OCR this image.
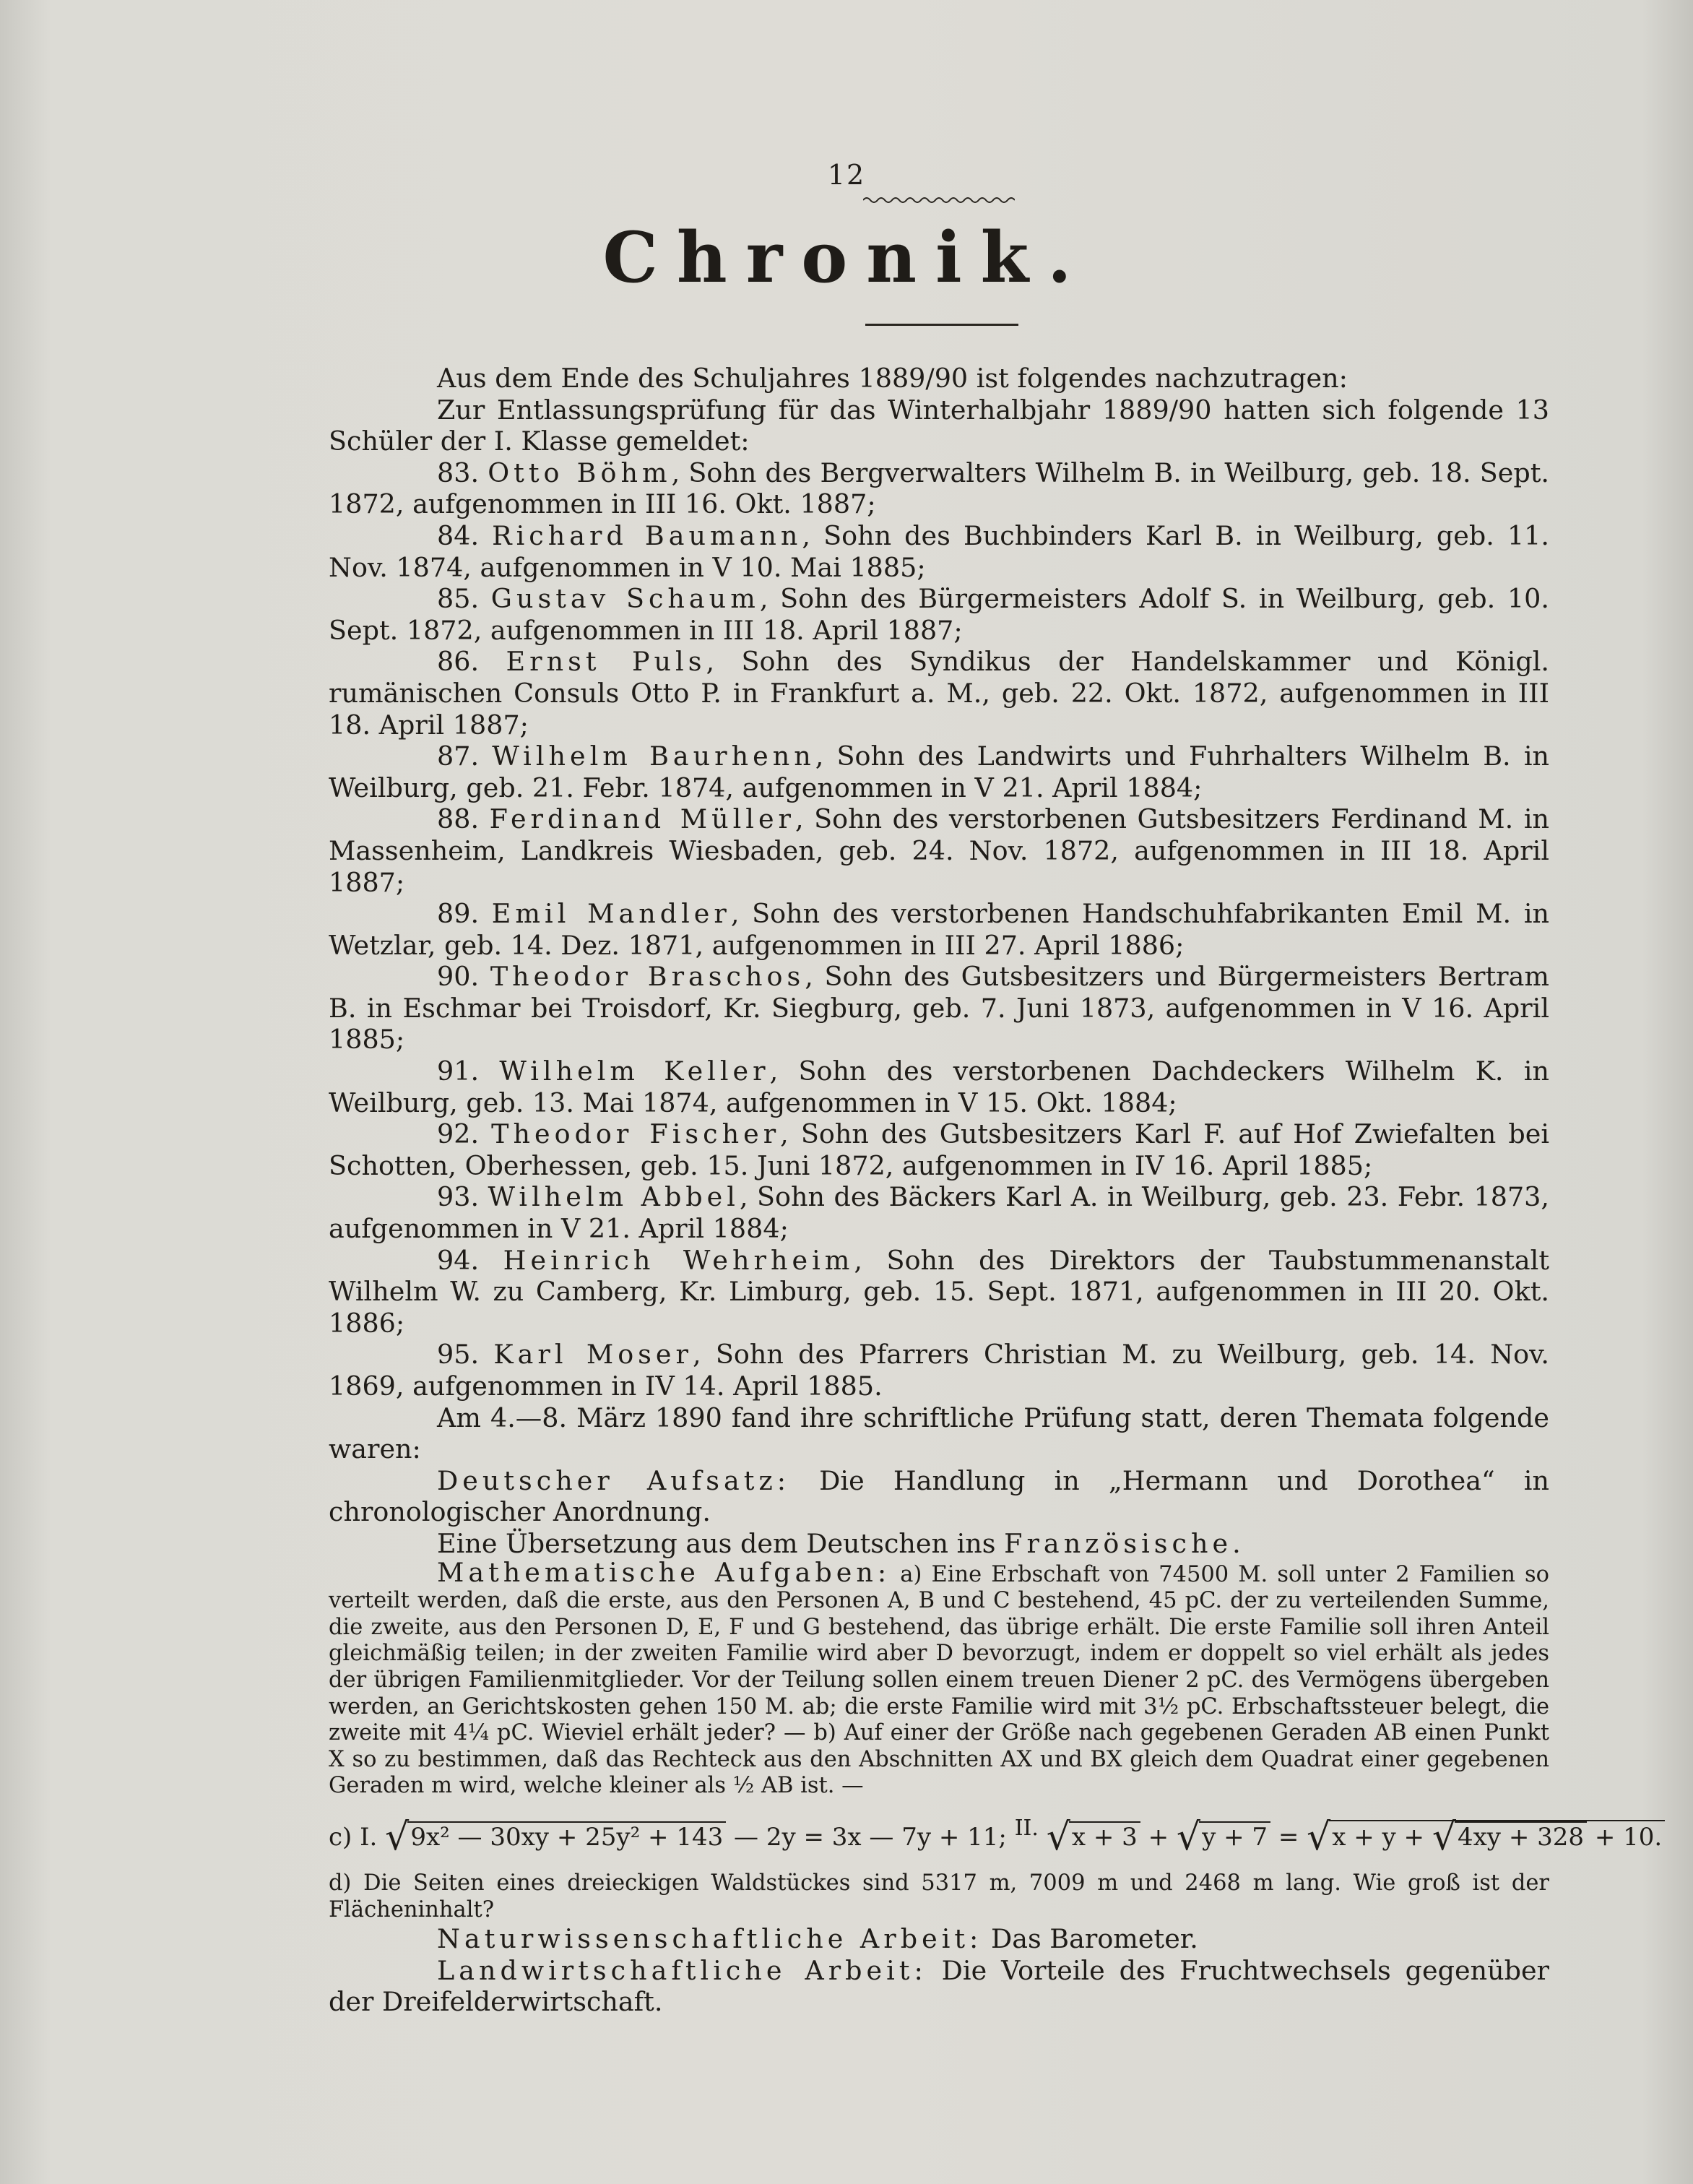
12
Chronik.

Aus dem Ende des Schuljahres 1889/90 ist folgendes nachzutragen:

Zur Entlassungsprüfung für das Winterhalbjahr 1889/90 hatten sich folgende 13 Schüler der I. Klasse gemeldet:

83. Otto Böhm, Sohn des Bergverwalters Wilhelm B. in Weilburg, geb. 18. Sept. 1872, aufgenommen in III 16. Okt. 1887;

84. Richard Baumann, Sohn des Buchbinders Karl B. in Weilburg, geb. 11. Nov. 1874, aufgenommen in V 10. Mai 1885;

85. Gustav Schaum, Sohn des Bürgermeisters Adolf S. in Weilburg, geb. 10. Sept. 1872, aufgenommen in III 18. April 1887;

86. Ernst Puls, Sohn des Syndikus der Handelskammer und Königl. rumänischen Consuls Otto P. in Frankfurt a. M., geb. 22. Okt. 1872, aufgenommen in III 18. April 1887;

87. Wilhelm Baurhenn, Sohn des Landwirts und Fuhrhalters Wilhelm B. in Weilburg, geb. 21. Febr. 1874, aufgenommen in V 21. April 1884;

88. Ferdinand Müller, Sohn des verstorbenen Gutsbesitzers Ferdinand M. in Massenheim, Landkreis Wiesbaden, geb. 24. Nov. 1872, aufgenommen in III 18. April 1887;

89. Emil Mandler, Sohn des verstorbenen Handschuhfabrikanten Emil M. in Wetzlar, geb. 14. Dez. 1871, aufgenommen in III 27. April 1886;

90. Theodor Braschos, Sohn des Gutsbesitzers und Bürgermeisters Bertram B. in Eschmar bei Troisdorf, Kr. Siegburg, geb. 7. Juni 1873, aufgenommen in V 16. April 1885;

91. Wilhelm Keller, Sohn des verstorbenen Dachdeckers Wilhelm K. in Weilburg, geb. 13. Mai 1874, aufgenommen in V 15. Okt. 1884;

92. Theodor Fischer, Sohn des Gutsbesitzers Karl F. auf Hof Zwiefalten bei Schotten, Oberhessen, geb. 15. Juni 1872, aufgenommen in IV 16. April 1885;

93. Wilhelm Abbel, Sohn des Bäckers Karl A. in Weilburg, geb. 23. Febr. 1873, aufgenommen in V 21. April 1884;

94. Heinrich Wehrheim, Sohn des Direktors der Taubstummenanstalt Wilhelm W. zu Camberg, Kr. Limburg, geb. 15. Sept. 1871, aufgenommen in III 20. Okt. 1886;

95. Karl Moser, Sohn des Pfarrers Christian M. zu Weilburg, geb. 14. Nov. 1869, aufgenommen in IV 14. April 1885.

Am 4.—8. März 1890 fand ihre schriftliche Prüfung statt, deren Themata folgende waren:

Deutscher Aufsatz: Die Handlung in „Hermann und Dorothea“ in chronologischer Anordnung.

Eine Übersetzung aus dem Deutschen ins Französische.

Mathematische Aufgaben: a) Eine Erbschaft von 74500 M. soll unter 2 Familien so verteilt werden, daß die erste, aus den Personen A, B und C bestehend, 45 pC. der zu verteilenden Summe, die zweite, aus den Personen D, E, F und G bestehend, das übrige erhält. Die erste Familie soll ihren Anteil gleichmäßig teilen; in der zweiten Familie wird aber D bevorzugt, indem er doppelt so viel erhält als jedes der übrigen Familienmitglieder. Vor der Teilung sollen einem treuen Diener 2 pC. des Vermögens übergeben werden, an Gerichtskosten gehen 150 M. ab; die erste Familie wird mit 3½ pC. Erbschaftssteuer belegt, die zweite mit 4¼ pC. Wieviel erhält jeder? — b) Auf einer der Größe nach gegebenen Geraden AB einen Punkt X so zu bestimmen, daß das Rechteck aus den Abschnitten AX und BX gleich dem Quadrat einer gegebenen Geraden m wird, welche kleiner als ½ AB ist. —

c) I. √9x² — 30xy + 25y² + 143 — 2y = 3x — 7y + 11; II. √x + 3 + √y + 7 = √x + y + √4xy + 328 + 10.

d) Die Seiten eines dreieckigen Waldstückes sind 5317 m, 7009 m und 2468 m lang. Wie groß ist der Flächeninhalt?

Naturwissenschaftliche Arbeit: Das Barometer.

Landwirtschaftliche Arbeit: Die Vorteile des Fruchtwechsels gegenüber der Dreifelderwirtschaft.
